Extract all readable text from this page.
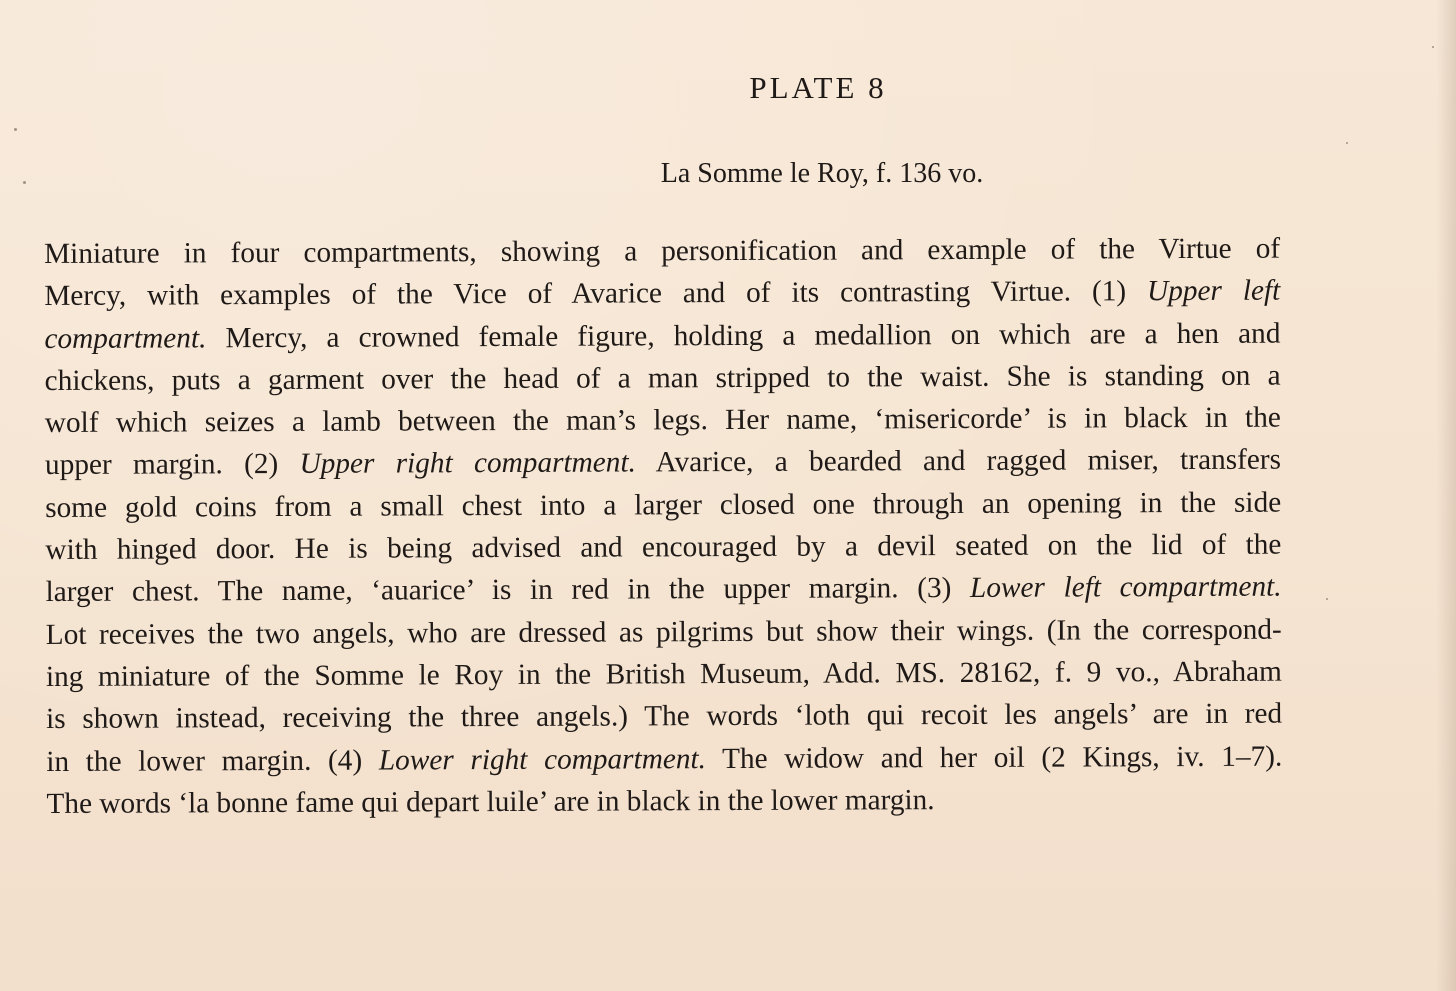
PLATE 8
La Somme le Roy, f. 136 vo.
Miniature in four compartments, showing a personification and example of the Virtue of
Mercy, with examples of the Vice of Avarice and of its contrasting Virtue. (1) Upper left
compartment. Mercy, a crowned female figure, holding a medallion on which are a hen and
chickens, puts a garment over the head of a man stripped to the waist. She is standing on a
wolf which seizes a lamb between the man’s legs. Her name, ‘misericorde’ is in black in the
upper margin. (2) Upper right compartment. Avarice, a bearded and ragged miser, transfers
some gold coins from a small chest into a larger closed one through an opening in the side
with hinged door. He is being advised and encouraged by a devil seated on the lid of the
larger chest. The name, ‘auarice’ is in red in the upper margin. (3) Lower left compartment.
Lot receives the two angels, who are dressed as pilgrims but show their wings. (In the correspond-
ing miniature of the Somme le Roy in the British Museum, Add. MS. 28162, f. 9 vo., Abraham
is shown instead, receiving the three angels.) The words ‘loth qui recoit les angels’ are in red
in the lower margin. (4) Lower right compartment. The widow and her oil (2 Kings, iv. 1–7).
The words ‘la bonne fame qui depart luile’ are in black in the lower margin.
